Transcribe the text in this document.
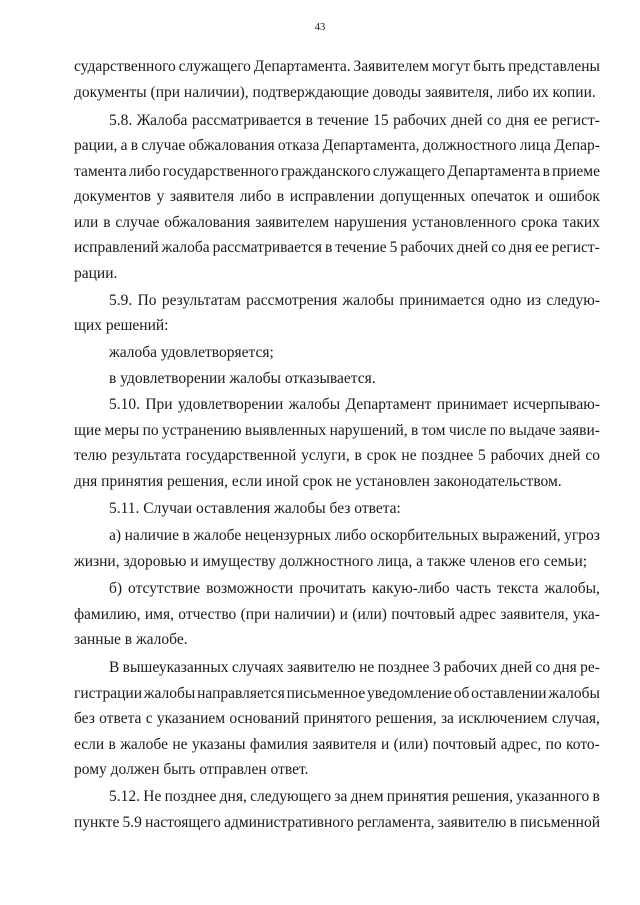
43
сударственного служащего Департамента. Заявителем могут быть представлены
документы (при наличии), подтверждающие доводы заявителя, либо их копии.
5.8. Жалоба рассматривается в течение 15 рабочих дней со дня ее регист-
рации, а в случае обжалования отказа Департамента, должностного лица Депар-
тамента либо государственного гражданского служащего Департамента в приеме
документов у заявителя либо в исправлении допущенных опечаток и ошибок
или в случае обжалования заявителем нарушения установленного срока таких
исправлений жалоба рассматривается в течение 5 рабочих дней со дня ее регист-
рации.
5.9. По результатам рассмотрения жалобы принимается одно из следую-
щих решений:
жалоба удовлетворяется;
в удовлетворении жалобы отказывается.
5.10. При удовлетворении жалобы Департамент принимает исчерпываю-
щие меры по устранению выявленных нарушений, в том числе по выдаче заяви-
телю результата государственной услуги, в срок не позднее 5 рабочих дней со
дня принятия решения, если иной срок не установлен законодательством.
5.11. Случаи оставления жалобы без ответа:
а) наличие в жалобе нецензурных либо оскорбительных выражений, угроз
жизни, здоровью и имуществу должностного лица, а также членов его семьи;
б) отсутствие возможности прочитать какую-либо часть текста жалобы,
фамилию, имя, отчество (при наличии) и (или) почтовый адрес заявителя, ука-
занные в жалобе.
В вышеуказанных случаях заявителю не позднее 3 рабочих дней со дня ре-
гистрации жалобы направляется письменное уведомление об оставлении жалобы
без ответа с указанием оснований принятого решения, за исключением случая,
если в жалобе не указаны фамилия заявителя и (или) почтовый адрес, по кото-
рому должен быть отправлен ответ.
5.12. Не позднее дня, следующего за днем принятия решения, указанного в
пункте 5.9 настоящего административного регламента, заявителю в письменной
